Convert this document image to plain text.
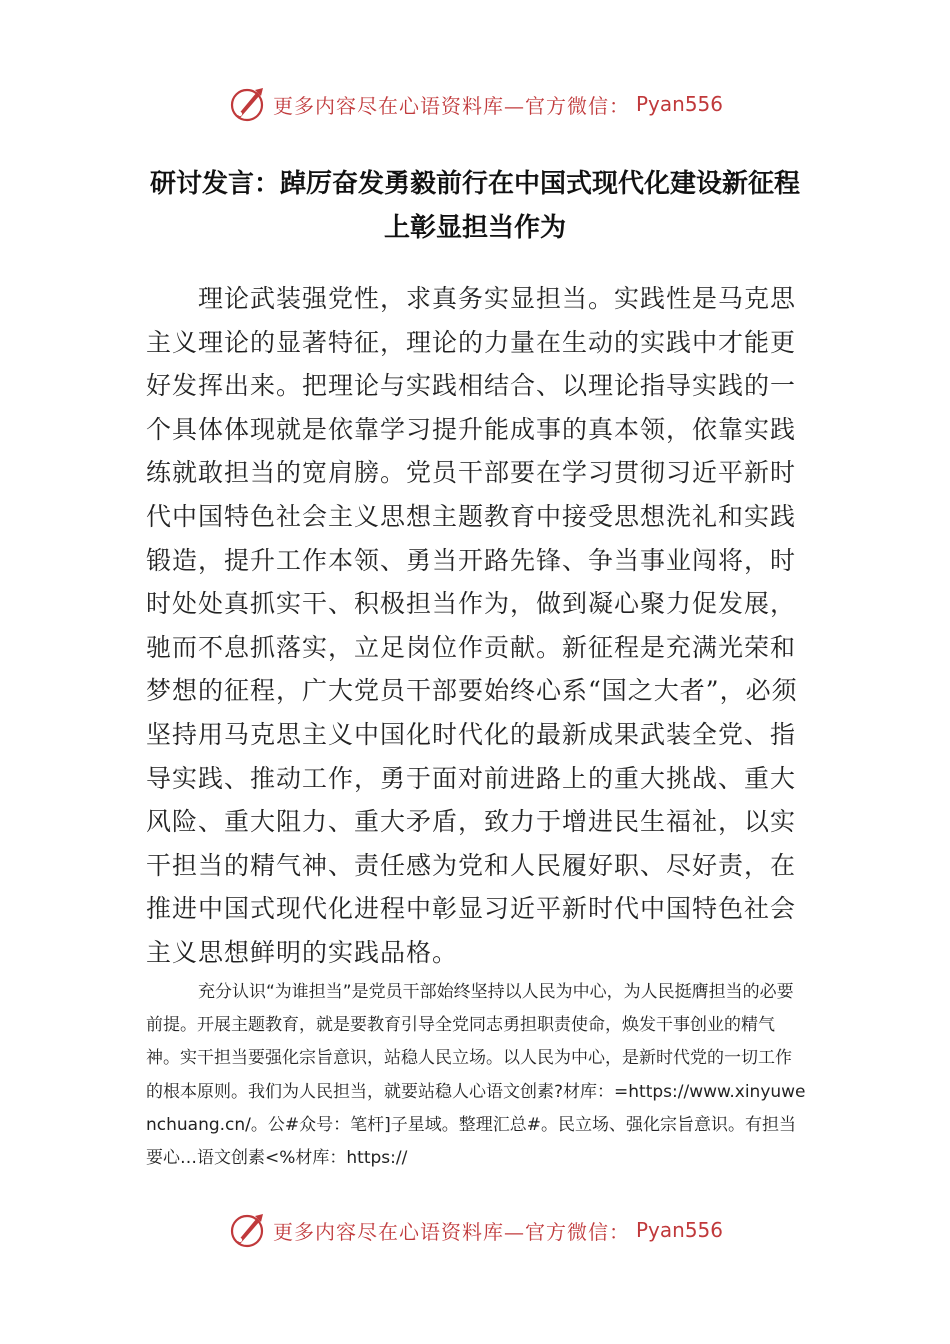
更多内容尽在心语资料库—官方微信： Pyan556
研讨发言：踔厉奋发勇毅前行在中国式现代化建设新征程上彰显担当作为

理论武装强党性，求真务实显担当。实践性是马克思主义理论的显著特征，理论的力量在生动的实践中才能更好发挥出来。把理论与实践相结合、以理论指导实践的一个具体体现就是依靠学习提升能成事的真本领，依靠实践练就敢担当的宽肩膀。党员干部要在学习贯彻习近平新时代中国特色社会主义思想主题教育中接受思想洗礼和实践锻造，提升工作本领、勇当开路先锋、争当事业闯将，时时处处真抓实干、积极担当作为，做到凝心聚力促发展，驰而不息抓落实，立足岗位作贡献。新征程是充满光荣和梦想的征程，广大党员干部要始终心系“国之大者”，必须坚持用马克思主义中国化时代化的最新成果武装全党、指导实践、推动工作，勇于面对前进路上的重大挑战、重大风险、重大阻力、重大矛盾，致力于增进民生福祉，以实干担当的精气神、责任感为党和人民履好职、尽好责，在推进中国式现代化进程中彰显习近平新时代中国特色社会主义思想鲜明的实践品格。

充分认识“为谁担当”是党员干部始终坚持以人民为中心，为人民挺膺担当的必要前提。开展主题教育，就是要教育引导全党同志勇担职责使命，焕发干事创业的精气神。实干担当要强化宗旨意识，站稳人民立场。以人民为中心，是新时代党的一切工作的根本原则。我们为人民担当，就要站稳人心语文创素?材库：=https://www.xinyuwenchuang.cn/。公#众号：笔杆]子星域。整理汇总#。民立场、强化宗旨意识。有担当要心…语文创素<%材库：https://

更多内容尽在心语资料库—官方微信： Pyan556
